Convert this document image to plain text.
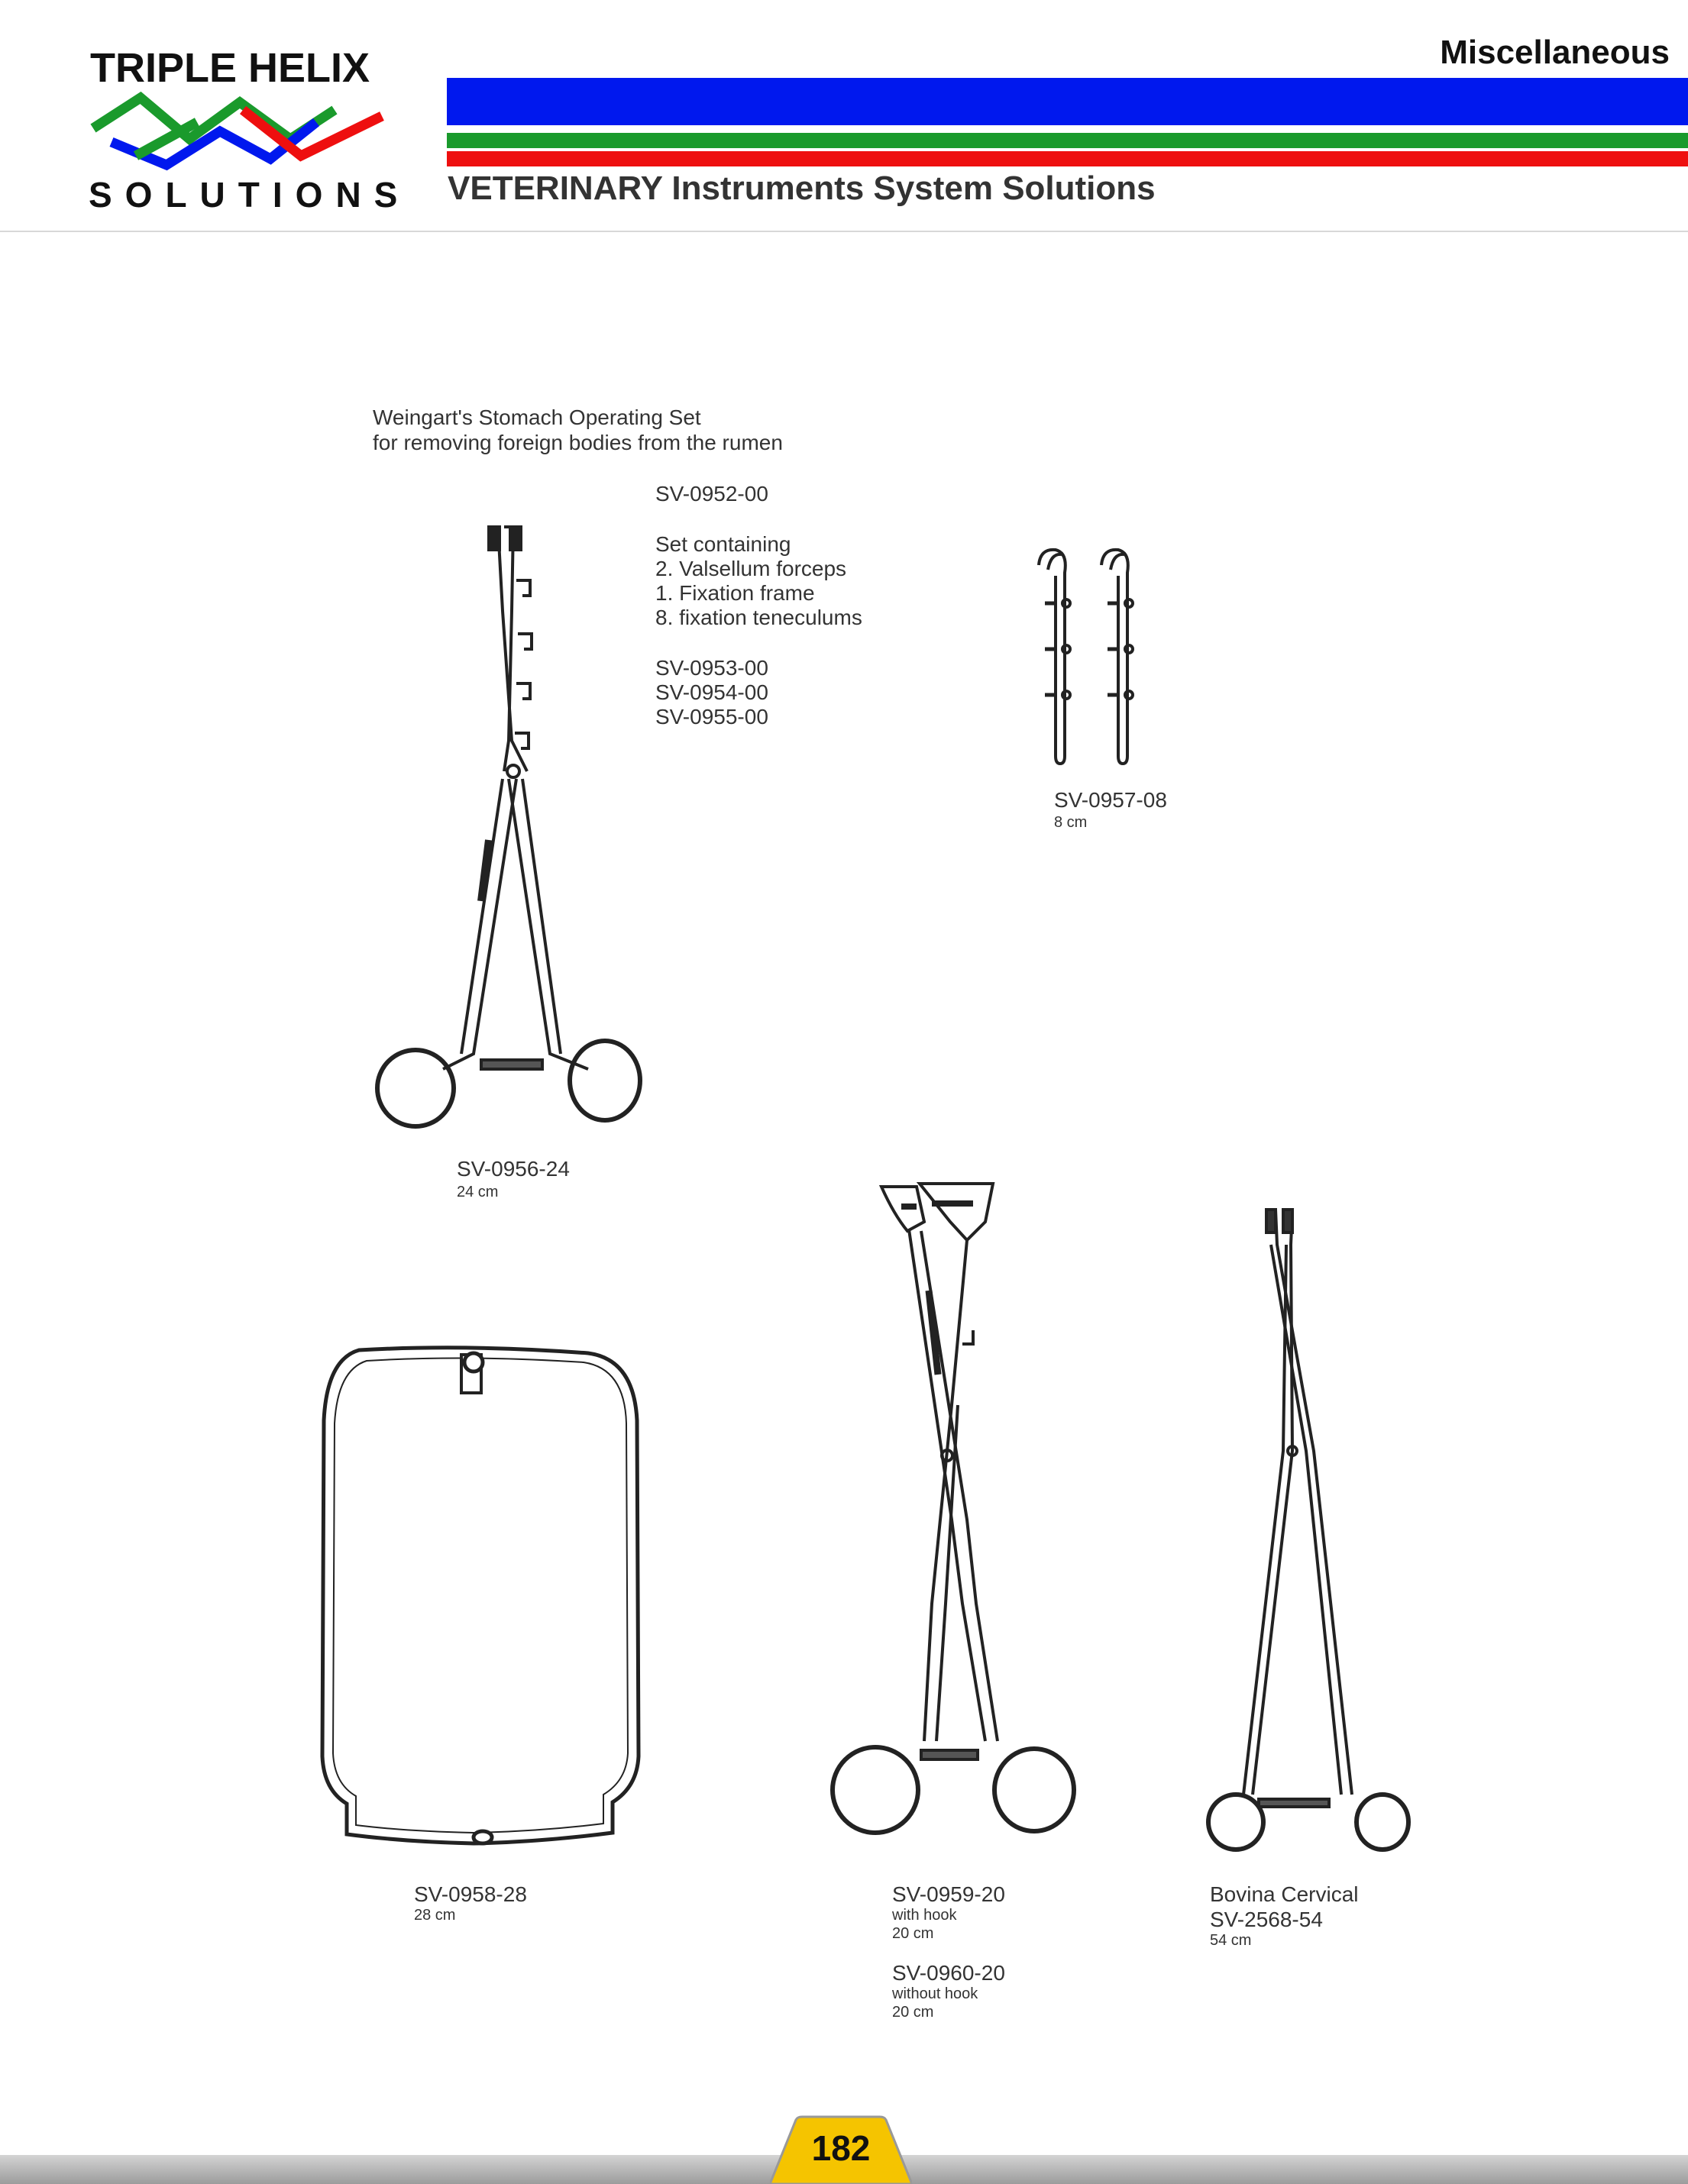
TRIPLE HELIX
SOLUTIONS
Miscellaneous
VETERINARY Instruments System Solutions
Weingart's Stomach Operating Set
for removing foreign bodies from the rumen
SV-0952-00
Set containing
2. Valsellum forceps
1. Fixation frame
8. fixation teneculums
SV-0953-00
SV-0954-00
SV-0955-00
SV-0956-24
24 cm
SV-0957-08
8 cm
SV-0958-28
28 cm
SV-0959-20
with hook
20 cm
SV-0960-20
without hook
20 cm
Bovina Cervical
SV-2568-54
54 cm
182
